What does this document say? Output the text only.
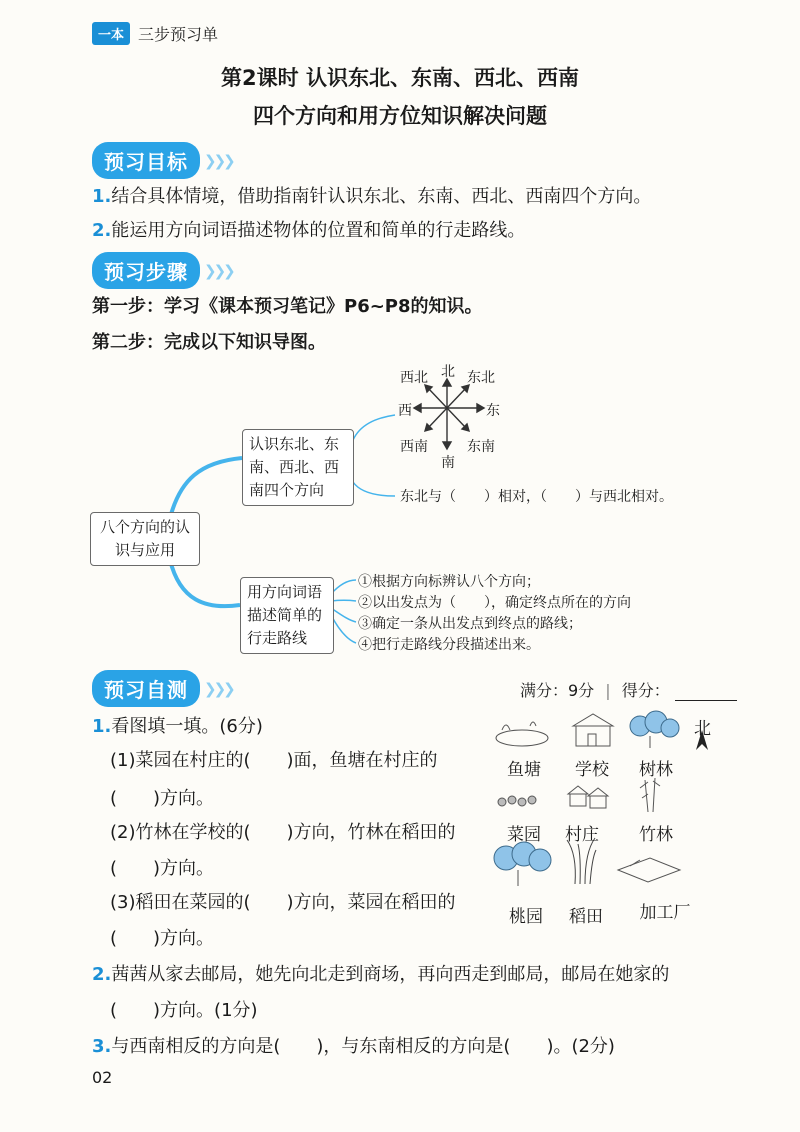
一本 三步预习单
第2课时 认识东北、东南、西北、西南
四个方向和用方位知识解决问题
预习目标	❯❯❯
1.结合具体情境，借助指南针认识东北、东南、西北、西南四个方向。
2.能运用方向词语描述物体的位置和简单的行走路线。
预习步骤	❯❯❯
第一步：学习《课本预习笔记》P6~P8的知识。
第二步：完成以下知识导图。
北
南
东
西
东北
西北
东南
西南
八个方向的认识与应用
认识东北、东南、西北、西南四个方向
用方向词语描述简单的行走路线
东北与（　　）相对，（　　）与西北相对。
①根据方向标辨认八个方向；
②以出发点为（　　），确定终点所在的方向
③确定一条从出发点到终点的路线；
④把行走路线分段描述出来。
预习自测	❯❯❯	满分：9分 | 得分：
1.看图填一填。(6分)
(1)菜园在村庄的(　　)面，鱼塘在村庄的
(　　)方向。
(2)竹林在学校的(　　)方向，竹林在稻田的
(　　)方向。
(3)稻田在菜园的(　　)方向，菜园在稻田的
(　　)方向。
鱼塘	学校	树林
菜园	村庄	竹林
桃园	稻田	加工厂
北
2.茜茜从家去邮局，她先向北走到商场，再向西走到邮局，邮局在她家的
(　　)方向。(1分)
3.与西南相反的方向是(　　)，与东南相反的方向是(　　)。(2分)
02
